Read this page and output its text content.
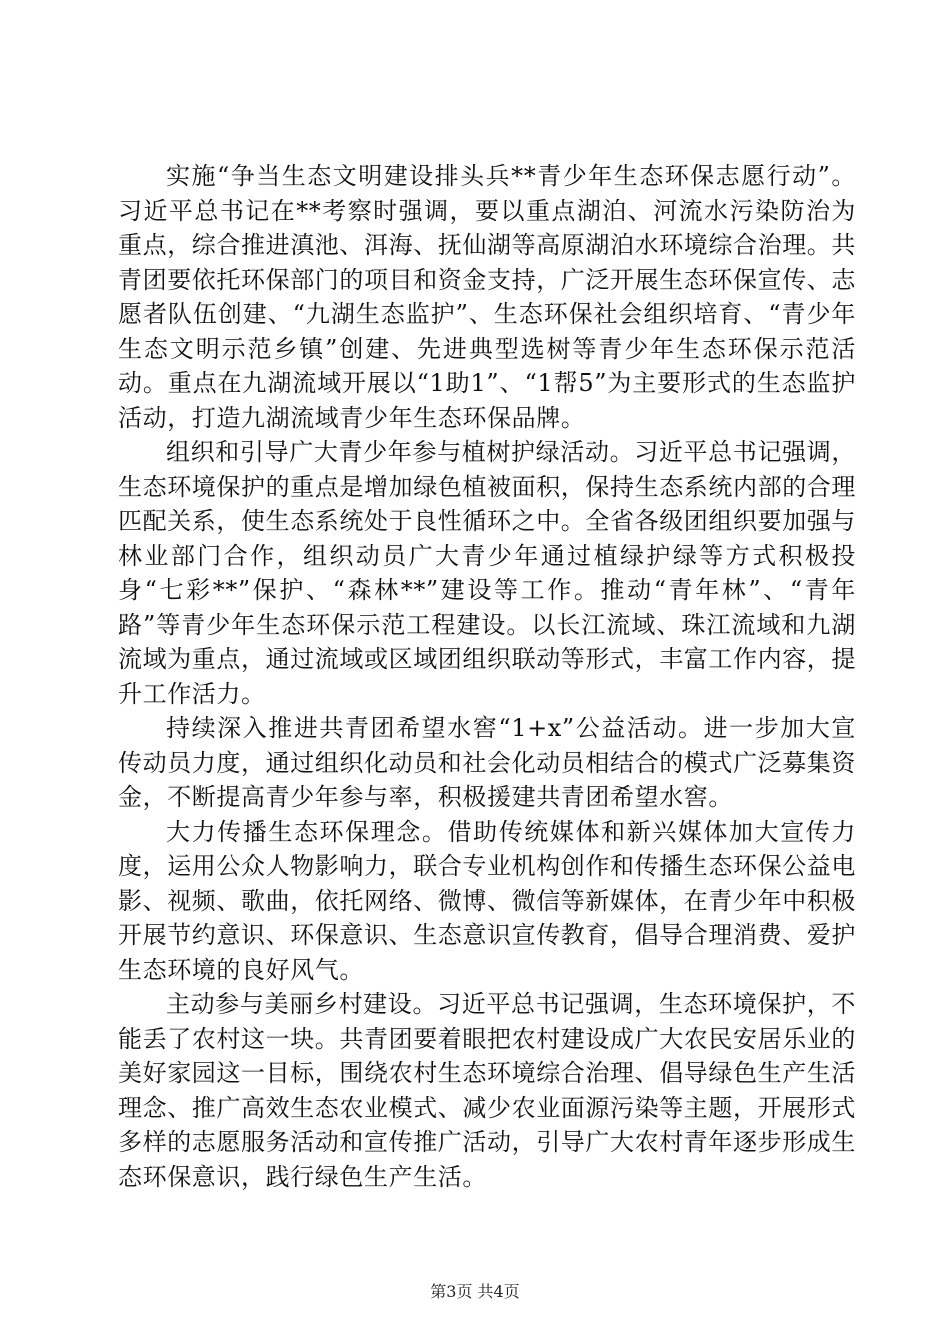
实施“争当生态文明建设排头兵**青少年生态环保志愿行动”。习近平总书记在**考察时强调，要以重点湖泊、河流水污染防治为重点，综合推进滇池、洱海、抚仙湖等高原湖泊水环境综合治理。共青团要依托环保部门的项目和资金支持，广泛开展生态环保宣传、志愿者队伍创建、“九湖生态监护”、生态环保社会组织培育、“青少年生态文明示范乡镇”创建、先进典型选树等青少年生态环保示范活动。重点在九湖流域开展以“1助1”、“1帮5”为主要形式的生态监护活动，打造九湖流域青少年生态环保品牌。

组织和引导广大青少年参与植树护绿活动。习近平总书记强调，生态环境保护的重点是增加绿色植被面积，保持生态系统内部的合理匹配关系，使生态系统处于良性循环之中。全省各级团组织要加强与林业部门合作，组织动员广大青少年通过植绿护绿等方式积极投身“七彩**”保护、“森林**”建设等工作。推动“青年林”、“青年路”等青少年生态环保示范工程建设。以长江流域、珠江流域和九湖流域为重点，通过流域或区域团组织联动等形式，丰富工作内容，提升工作活力。

持续深入推进共青团希望水窖“1+x”公益活动。进一步加大宣传动员力度，通过组织化动员和社会化动员相结合的模式广泛募集资金，不断提高青少年参与率，积极援建共青团希望水窖。

大力传播生态环保理念。借助传统媒体和新兴媒体加大宣传力度，运用公众人物影响力，联合专业机构创作和传播生态环保公益电影、视频、歌曲，依托网络、微博、微信等新媒体，在青少年中积极开展节约意识、环保意识、生态意识宣传教育，倡导合理消费、爱护生态环境的良好风气。

主动参与美丽乡村建设。习近平总书记强调，生态环境保护，不能丢了农村这一块。共青团要着眼把农村建设成广大农民安居乐业的美好家园这一目标，围绕农村生态环境综合治理、倡导绿色生产生活理念、推广高效生态农业模式、减少农业面源污染等主题，开展形式多样的志愿服务活动和宣传推广活动，引导广大农村青年逐步形成生态环保意识，践行绿色生产生活。

第3页 共4页
